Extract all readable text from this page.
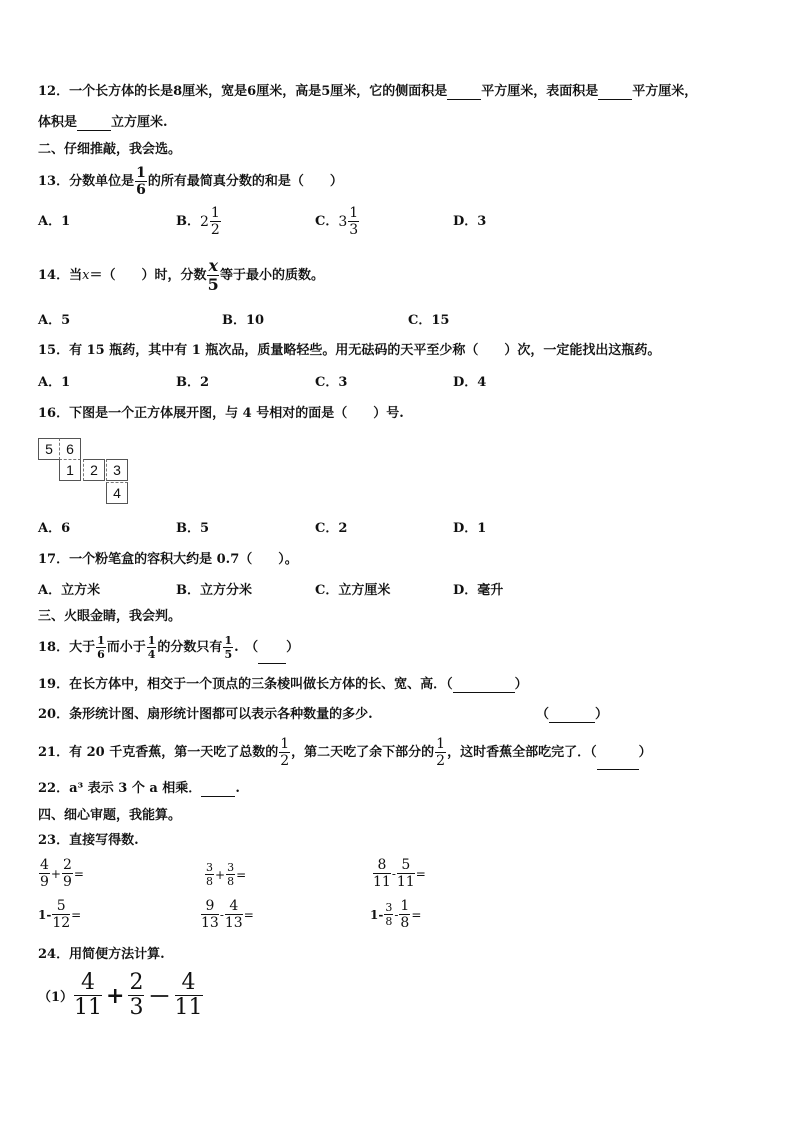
12．一个长方体的长是8厘米，宽是6厘米，高是5厘米，它的侧面积是	平方厘米，表面积是	平方厘米，
体积是	立方厘米.
二、仔细推敲，我会选。
13．分数单位是 $\frac{1}{6}$ 的所有最简真分数的和是（　　）
A．1	B． $2 \frac{1}{2}$	C． $3 \frac{1}{3}$	D．3
14．当x＝（　　）时，分数 $\frac{x}{5}$ 等于最小的质数。
A．5	B．10	C．15
15．有 15 瓶药，其中有 1 瓶次品，质量略轻些。用无砝码的天平至少称（　　）次，一定能找出这瓶药。
A．1	B．2	C．3	D．4
16．下图是一个正方体展开图，与 4 号相对的面是（　　）号.
5 6
1	2	3
4
A．6	B．5	C．2	D．1
17．一个粉笔盒的容积大约是 0.7（　　）。
A．立方米	B．立方分米	C．立方厘米	D．毫升
三、火眼金睛，我会判。
18．大于 $\frac{1}{6}$ 而小于 $\frac{1}{4}$ 的分数只有 $\frac{1}{5}$ .　（ ）
19．在长方体中，相交于一个顶点的三条棱叫做长方体的长、宽、高．（	）
20．条形统计图、扇形统计图都可以表示各种数量的多少.	（	）
21．有 20 千克香蕉，第一天吃了总数的 $\frac{1}{2}$ ，第二天吃了余下部分的 $\frac{1}{2}$ ，这时香蕉全部吃完了．（	）
22．a³ 表示 3 个 a 相乘．	.
四、细心审题，我能算。
23．直接写得数.
$\frac{4}{9} + \frac{2}{9}$ =	$\frac{3}{8} + \frac{3}{8}$ =	$\frac{8}{11} - \frac{5}{11}$ =
$1- \frac{5}{12}$ =	$\frac{9}{13} - \frac{4}{13}$ =	$1- \frac{3}{8} - \frac{1}{8}$ =
24．用简便方法计算.
$(1) \frac{4}{11} + \frac{2}{3} - \frac{4}{11}$
